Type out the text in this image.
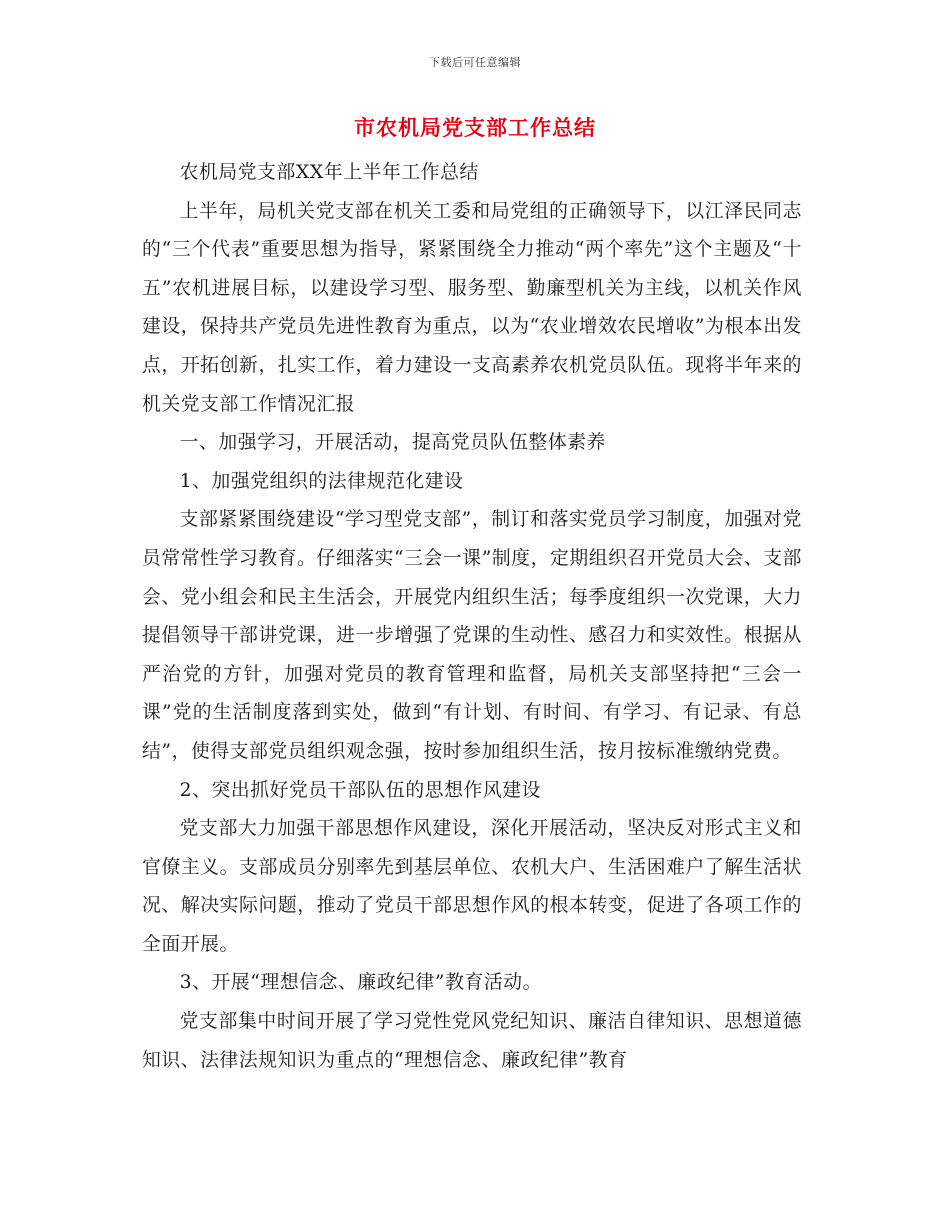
下载后可任意编辑
市农机局党支部工作总结

农机局党支部XX年上半年工作总结

上半年，局机关党支部在机关工委和局党组的正确领导下，以江泽民同志的“三个代表”重要思想为指导，紧紧围绕全力推动“两个率先”这个主题及“十五”农机进展目标，以建设学习型、服务型、勤廉型机关为主线，以机关作风建设，保持共产党员先进性教育为重点，以为“农业增效农民增收”为根本出发点，开拓创新，扎实工作，着力建设一支高素养农机党员队伍。现将半年来的机关党支部工作情况汇报

一、加强学习，开展活动，提高党员队伍整体素养

1、加强党组织的法律规范化建设

支部紧紧围绕建设“学习型党支部”，制订和落实党员学习制度，加强对党员常常性学习教育。仔细落实“三会一课”制度，定期组织召开党员大会、支部会、党小组会和民主生活会，开展党内组织生活；每季度组织一次党课，大力提倡领导干部讲党课，进一步增强了党课的生动性、感召力和实效性。根据从严治党的方针，加强对党员的教育管理和监督，局机关支部坚持把“三会一课”党的生活制度落到实处，做到“有计划、有时间、有学习、有记录、有总结”，使得支部党员组织观念强，按时参加组织生活，按月按标准缴纳党费。

2、突出抓好党员干部队伍的思想作风建设

党支部大力加强干部思想作风建设，深化开展活动，坚决反对形式主义和官僚主义。支部成员分别率先到基层单位、农机大户、生活困难户了解生活状况、解决实际问题，推动了党员干部思想作风的根本转变，促进了各项工作的全面开展。

3、开展“理想信念、廉政纪律”教育活动。

党支部集中时间开展了学习党性党风党纪知识、廉洁自律知识、思想道德知识、法律法规知识为重点的“理想信念、廉政纪律”教育
